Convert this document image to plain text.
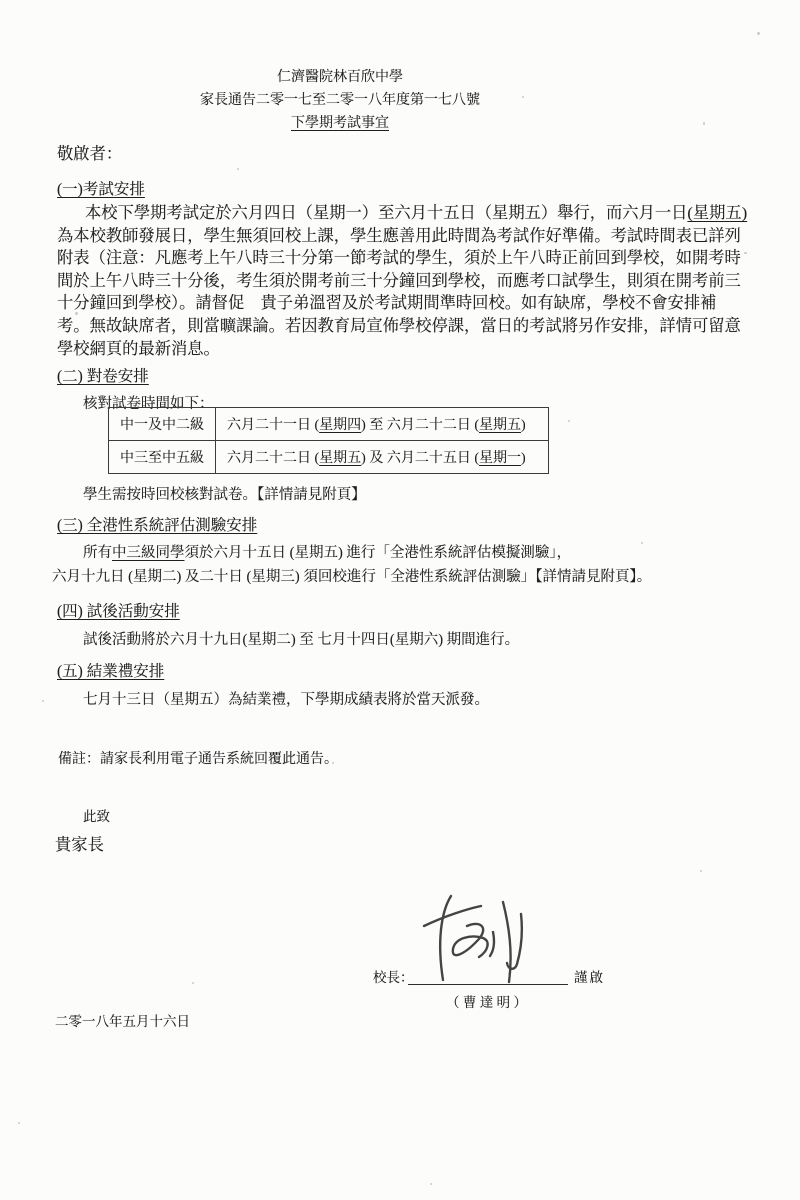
仁濟醫院林百欣中學
家長通告二零一七至二零一八年度第一七八號
下學期考試事宜
敬啟者：
(一)考試安排
本校下學期考試定於六月四日（星期一）至六月十五日（星期五）舉行，而六月一日(星期五)
為本校教師發展日，學生無須回校上課，學生應善用此時間為考試作好準備。考試時間表已詳列
附表（注意：凡應考上午八時三十分第一節考試的學生，須於上午八時正前回到學校，如開考時
間於上午八時三十分後，考生須於開考前三十分鐘回到學校，而應考口試學生，則須在開考前三
十分鐘回到學校）。請督促　貴子弟溫習及於考試期間準時回校。如有缺席，學校不會安排補
考。無故缺席者，則當曠課論。若因教育局宣佈學校停課，當日的考試將另作安排，詳情可留意
學校網頁的最新消息。
(二) 對卷安排
核對試卷時間如下：
中一及中二級	六月二十一日 (星期四) 至 六月二十二日 (星期五)
中三至中五級	六月二十二日 (星期五) 及 六月二十五日 (星期一)
學生需按時回校核對試卷。【詳情請見附頁】
(三) 全港性系統評估測驗安排
所有中三級同學須於六月十五日 (星期五) 進行「全港性系統評估模擬測驗」，
六月十九日 (星期二) 及二十日 (星期三) 須回校進行「全港性系統評估測驗」【詳情請見附頁】。
(四) 試後活動安排
試後活動將於六月十九日(星期二) 至 七月十四日(星期六) 期間進行。
(五) 結業禮安排
七月十三日（星期五）為結業禮，下學期成績表將於當天派發。
備註：請家長利用電子通告系統回覆此通告。
此致
貴家長
校長：	謹啟
（ 曹 達 明 ）
二零一八年五月十六日
